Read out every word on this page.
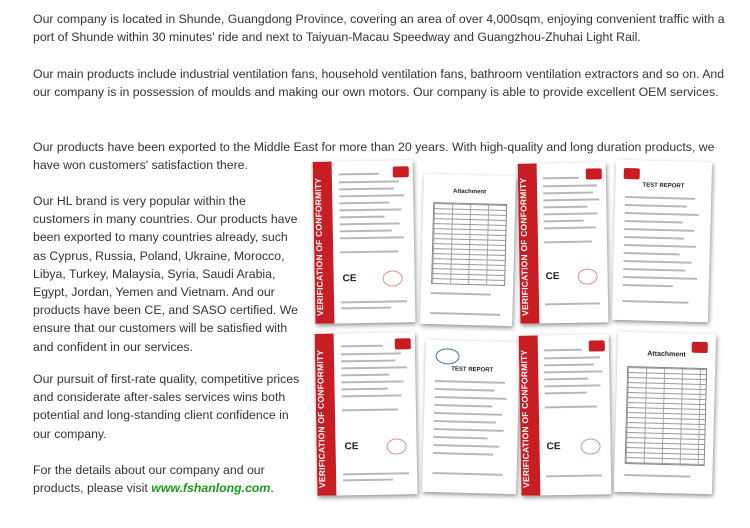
Our company is located in Shunde, Guangdong Province, covering an area of over 4,000sqm, enjoying convenient traffic with a port of Shunde within 30 minutes' ride and next to Taiyuan-Macau Speedway and Guangzhou-Zhuhai Light Rail.

Our main products include industrial ventilation fans, household ventilation fans, bathroom ventilation extractors and so on. And our company is in possession of moulds and making our own motors. Our company is able to provide excellent OEM services.

Our products have been exported to the Middle East for more than 20 years. With high-quality and long duration products, we have won customers' satisfaction there.

Our HL brand is very popular within the customers in many countries. Our products have been exported to many countries already, such as Cyprus, Russia, Poland, Ukraine, Morocco, Libya, Turkey, Malaysia, Syria, Saudi Arabia, Egypt, Jordan, Yemen and Vietnam. And our products have been CE, and SASO certified. We ensure that our customers will be satisfied with and confident in our services.

Our pursuit of first-rate quality, competitive prices and considerate after-sales services wins both potential and long-standing client confidence in our company.

For the details about our company and our products, please visit www.fshanlong.com.

VERIFICATION OF CONFORMITY	CE
Attachment	VERIFICATION OF CONFORMITY	CE
TEST REPORT
VERIFICATION OF CONFORMITY	CE
TEST REPORT	VERIFICATION OF CONFORMITY	CE
Attachment
